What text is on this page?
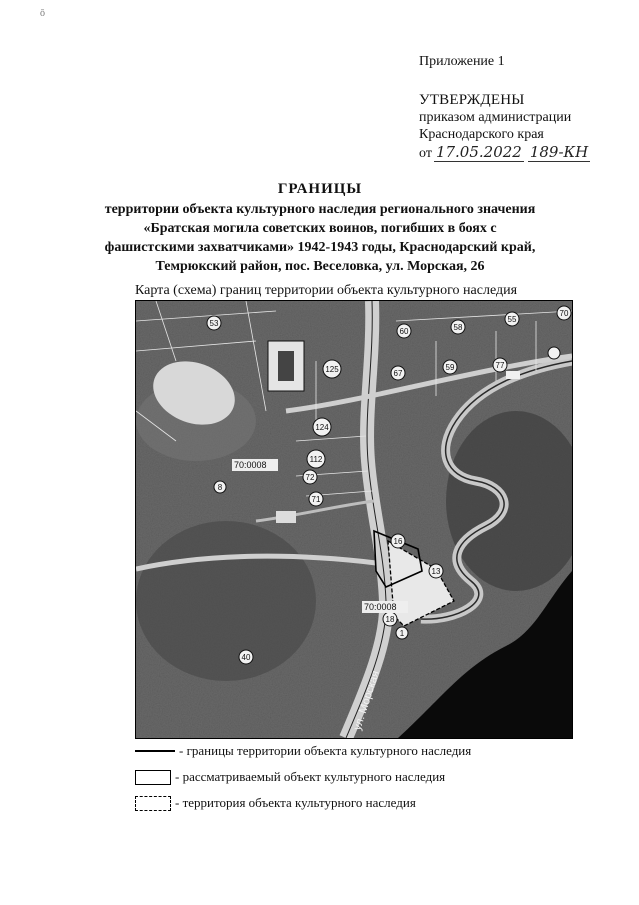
ō
Приложение 1
УТВЕРЖДЕНЫ
приказом администрации
Краснодарского края
от 17.05.2022 189-КН
ГРАНИЦЫ
территории объекта культурного наследия регионального значения
«Братская могила советских воинов, погибших в боях с
фашистскими захватчиками» 1942-1943 годы, Краснодарский край,
Темрюкский район, пос. Веселовка, ул. Морская, 26
Карта (схема) границ территории объекта культурного наследия
53
60	58
55
70
77
59
67
125
124
112
72
71
13
16
18
40
8
1
70:0008
70:0008
ул. Морская
- границы территории объекта культурного наследия
- рассматриваемый объект культурного наследия
- территория объекта культурного наследия
